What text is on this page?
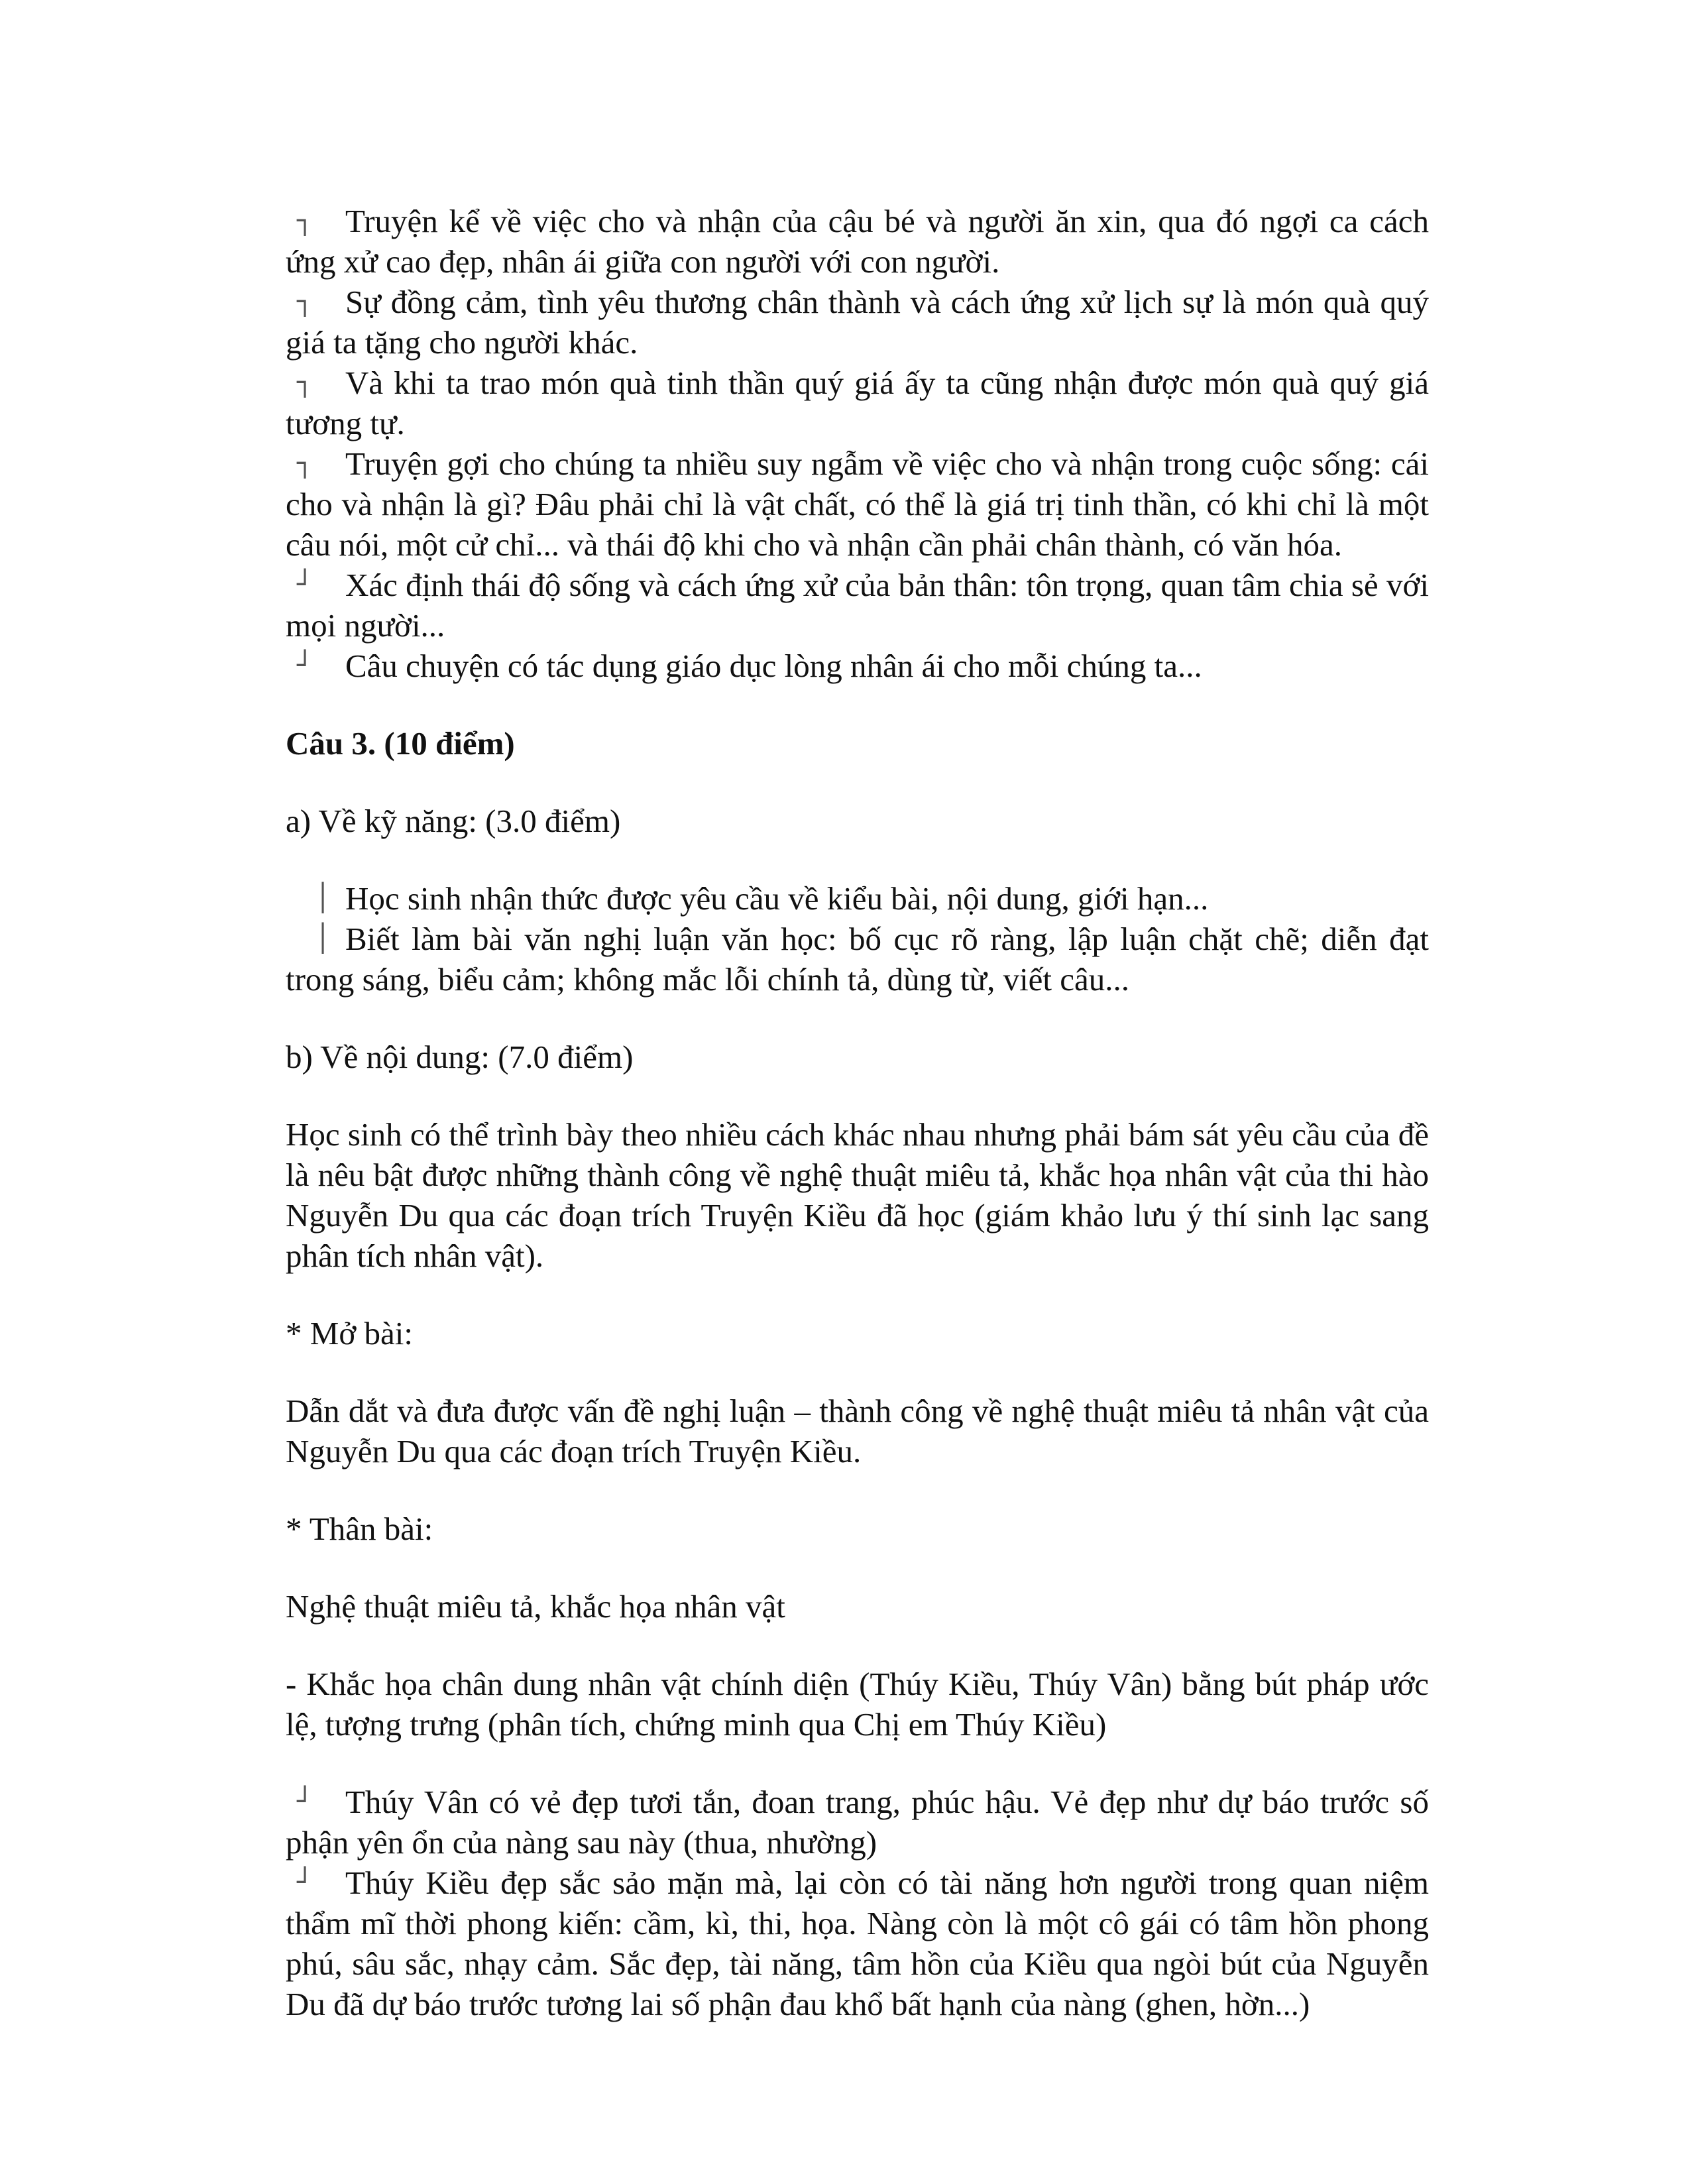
┐ Truyện kể về việc cho và nhận của cậu bé và người ăn xin, qua đó ngợi ca cách ứng xử cao đẹp, nhân ái giữa con người với con người.
┐ Sự đồng cảm, tình yêu thương chân thành và cách ứng xử lịch sự là món quà quý giá ta tặng cho người khác.
┐ Và khi ta trao món quà tinh thần quý giá ấy ta cũng nhận được món quà quý giá tương tự.
┐ Truyện gợi cho chúng ta nhiều suy ngẫm về việc cho và nhận trong cuộc sống: cái cho và nhận là gì? Đâu phải chỉ là vật chất, có thể là giá trị tinh thần, có khi chỉ là một câu nói, một cử chỉ... và thái độ khi cho và nhận cần phải chân thành, có văn hóa.
┘ Xác định thái độ sống và cách ứng xử của bản thân: tôn trọng, quan tâm chia sẻ với mọi người...
┘ Câu chuyện có tác dụng giáo dục lòng nhân ái cho mỗi chúng ta...
Câu 3. (10 điểm)
a) Về kỹ năng: (3.0 điểm)
│ Học sinh nhận thức được yêu cầu về kiểu bài, nội dung, giới hạn...
│ Biết làm bài văn nghị luận văn học: bố cục rõ ràng, lập luận chặt chẽ; diễn đạt trong sáng, biểu cảm; không mắc lỗi chính tả, dùng từ, viết câu...
b) Về nội dung: (7.0 điểm)
Học sinh có thể trình bày theo nhiều cách khác nhau nhưng phải bám sát yêu cầu của đề là nêu bật được những thành công về nghệ thuật miêu tả, khắc họa nhân vật của thi hào Nguyễn Du qua các đoạn trích Truyện Kiều đã học (giám khảo lưu ý thí sinh lạc sang phân tích nhân vật).
* Mở bài:
Dẫn dắt và đưa được vấn đề nghị luận – thành công về nghệ thuật miêu tả nhân vật của Nguyễn Du qua các đoạn trích Truyện Kiều.
* Thân bài:
Nghệ thuật miêu tả, khắc họa nhân vật
- Khắc họa chân dung nhân vật chính diện (Thúy Kiều, Thúy Vân) bằng bút pháp ước lệ, tượng trưng (phân tích, chứng minh qua Chị em Thúy Kiều)
┘ Thúy Vân có vẻ đẹp tươi tắn, đoan trang, phúc hậu. Vẻ đẹp như dự báo trước số phận yên ổn của nàng sau này (thua, nhường)
┘ Thúy Kiều đẹp sắc sảo mặn mà, lại còn có tài năng hơn người trong quan niệm thẩm mĩ thời phong kiến: cầm, kì, thi, họa. Nàng còn là một cô gái có tâm hồn phong phú, sâu sắc, nhạy cảm. Sắc đẹp, tài năng, tâm hồn của Kiều qua ngòi bút của Nguyễn Du đã dự báo trước tương lai số phận đau khổ bất hạnh của nàng (ghen, hờn...)
